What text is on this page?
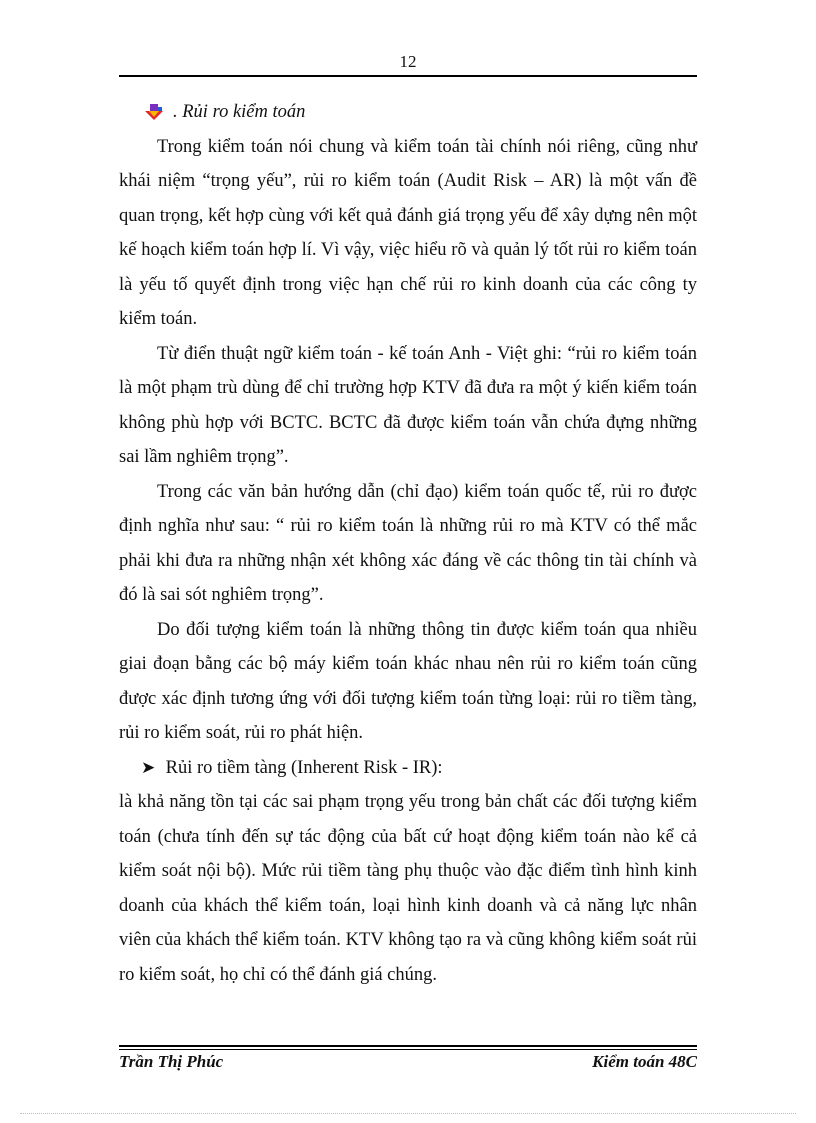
12

. Rủi ro kiểm toán

Trong kiểm toán nói chung và kiểm toán tài chính nói riêng, cũng như khái niệm “trọng yếu”, rủi ro kiểm toán (Audit Risk – AR) là một vấn đề quan trọng, kết hợp cùng với kết quả đánh giá trọng yếu để xây dựng nên một kế hoạch kiểm toán hợp lí. Vì vậy, việc hiểu rõ và quản lý tốt rủi ro kiểm toán là yếu tố quyết định trong việc hạn chế rủi ro kinh doanh của các công ty kiểm toán.

Từ điển thuật ngữ kiểm toán - kế toán Anh - Việt ghi: “rủi ro kiểm toán là một phạm trù dùng để chỉ trường hợp KTV đã đưa ra một ý kiến kiểm toán không phù hợp với BCTC. BCTC đã được kiểm toán vẫn chứa đựng những sai lầm nghiêm trọng”.

Trong các văn bản hướng dẫn (chỉ đạo) kiểm toán quốc tế, rủi ro được định nghĩa như sau: “ rủi ro kiểm toán là những rủi ro mà KTV có thể mắc phải khi đưa ra những nhận xét không xác đáng về các thông tin tài chính và đó là sai sót nghiêm trọng”.

Do đối tượng kiểm toán là những thông tin được kiểm toán qua nhiều giai đoạn bằng các bộ máy kiểm toán khác nhau nên rủi ro kiểm toán cũng được xác định tương ứng với đối tượng kiểm toán từng loại: rủi ro tiềm tàng, rủi ro kiểm soát, rủi ro phát hiện.

➤ Rủi ro tiềm tàng (Inherent Risk - IR):

là khả năng tồn tại các sai phạm trọng yếu trong bản chất các đối tượng kiểm toán (chưa tính đến sự tác động của bất cứ hoạt động kiểm toán nào kể cả kiểm soát nội bộ). Mức rủi tiềm tàng phụ thuộc vào đặc điểm tình hình kinh doanh của khách thể kiểm toán, loại hình kinh doanh và cả năng lực nhân viên của khách thể kiểm toán. KTV không tạo ra và cũng không kiểm soát rủi ro kiểm soát, họ chỉ có thể đánh giá chúng.

Trần Thị Phúc	Kiểm toán 48C
